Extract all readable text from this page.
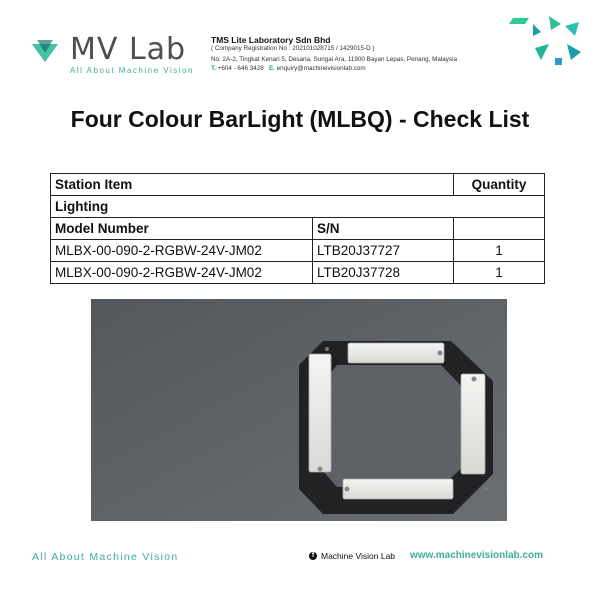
MV Lab
All About Machine Vision
TMS Lite Laboratory Sdn Bhd
( Company Registration No : 202101028715 / 1429015-D )
No. 2A-2, Tingkat Kenari 5, Desaria, Sungai Ara, 11900 Bayan Lepas, Penang, Malaysia
T. +604 - 646 3428 E. enquiry@machinevisionlab.com
Four Colour BarLight (MLBQ) - Check List
Station Item		Quantity
Lighting		
Model Number	S/N	
MLBX-00-090-2-RGBW-24V-JM02	LTB20J37727	1
MLBX-00-090-2-RGBW-24V-JM02	LTB20J37728	1
All About Machine Vision	f Machine Vision Lab www.machinevisionlab.com
